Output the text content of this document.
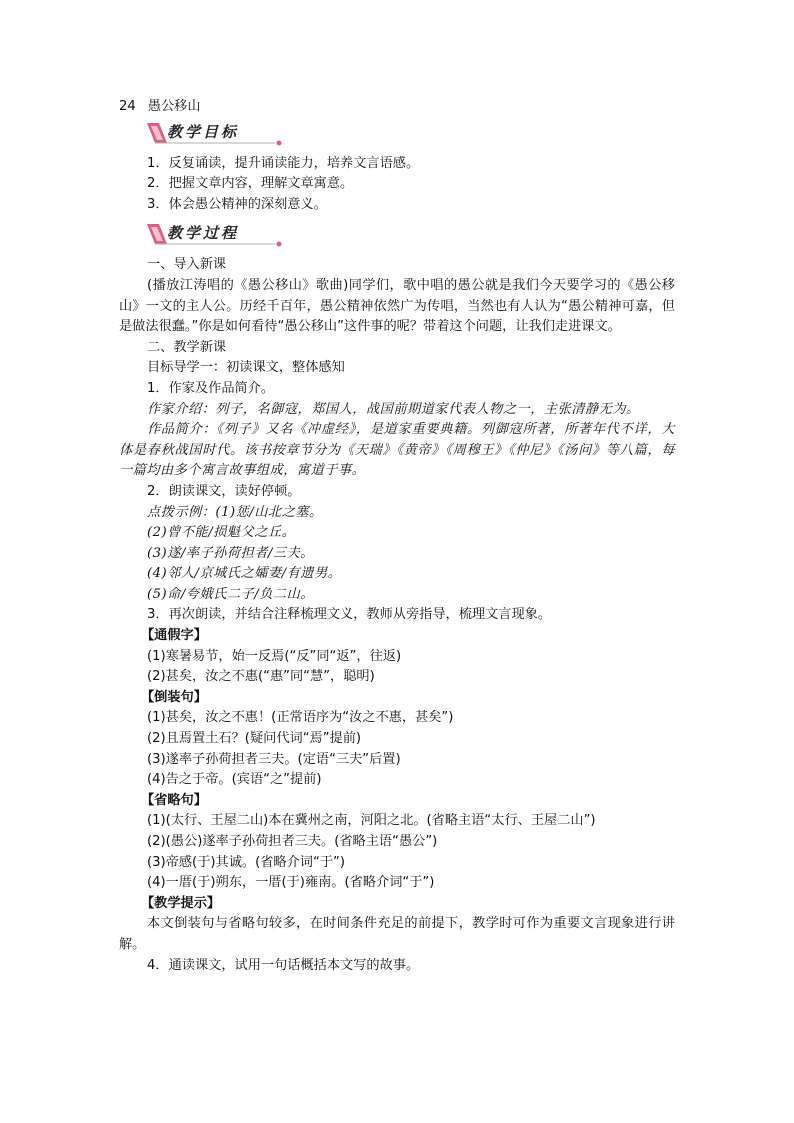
24 愚公移山
教学目标
1．反复诵读，提升诵读能力，培养文言语感。
2．把握文章内容，理解文章寓意。
3．体会愚公精神的深刻意义。
教学过程
一、导入新课
(播放江涛唱的《愚公移山》歌曲)同学们，歌中唱的愚公就是我们今天要学习的《愚公移山》一文的主人公。历经千百年，愚公精神依然广为传唱，当然也有人认为“愚公精神可嘉，但是做法很蠢。”你是如何看待“愚公移山”这件事的呢？带着这个问题，让我们走进课文。
二、教学新课
目标导学一：初读课文，整体感知
1．作家及作品简介。
作家介绍：列子，名御寇，郑国人，战国前期道家代表人物之一，主张清静无为。
作品简介：《列子》又名《冲虚经》，是道家重要典籍。列御寇所著，所著年代不详，大体是春秋战国时代。该书按章节分为《天瑞》《黄帝》《周穆王》《仲尼》《汤问》等八篇，每一篇均由多个寓言故事组成，寓道于事。
2．朗读课文，读好停顿。
点拨示例：(1)惩/山北之塞。
(2)曾不能/损魁父之丘。
(3)遂/率子孙荷担者/三夫。
(4)邻人/京城氏之孀妻/有遗男。
(5)命/夸娥氏二子/负二山。
3．再次朗读，并结合注释梳理文义，教师从旁指导，梳理文言现象。
【通假字】
(1)寒暑易节，始一反焉(“反”同“返”，往返)
(2)甚矣，汝之不惠(“惠”同“慧”，聪明)
【倒装句】
(1)甚矣，汝之不惠！(正常语序为“汝之不惠，甚矣”)
(2)且焉置土石？(疑问代词“焉”提前)
(3)遂率子孙荷担者三夫。(定语“三夫”后置)
(4)告之于帝。(宾语“之”提前)
【省略句】
(1)(太行、王屋二山)本在冀州之南，河阳之北。(省略主语“太行、王屋二山”)
(2)(愚公)遂率子孙荷担者三夫。(省略主语“愚公”)
(3)帝感(于)其诚。(省略介词“于”)
(4)一厝(于)朔东，一厝(于)雍南。(省略介词“于”)
【教学提示】
本文倒装句与省略句较多，在时间条件充足的前提下，教学时可作为重要文言现象进行讲解。
4．通读课文，试用一句话概括本文写的故事。
